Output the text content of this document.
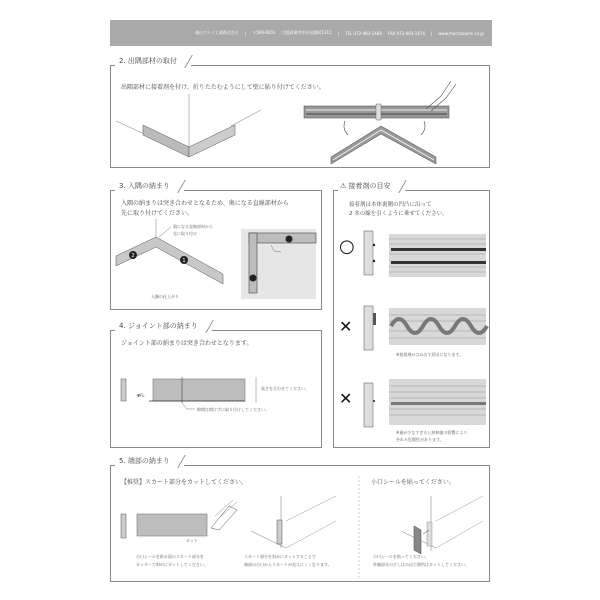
森田アルミ工業株式会社 | 〒599-8201 大阪府堺市中区田園町1311 | TEL 072-483-1488 FAX 072-483-1474 | www.moritaalumi.co.jp
2. 出隅部材の取付
出隅部材に接着剤を付け、折りたたむようにして壁に貼り付けてください。
3. 入隅の納まり
入隅の納まりは突き合わせとなるため、奥になる直線部材から
先に取り付けてください。
奥になる直線部材から
先に取り付け
入隅の仕上がり
2
1
⚠ 接着剤の目安
接着剤は本体裏側の凹凸に沿って
2 本の線を引くように乗せてください。
○
✕
✕
※接着剤がはみ出す原因になります。
※量が少なすぎると熱伸縮の影響により
外れる危険性があります。
4. ジョイント部の納まり
ジョイント部の納まりは突き合わせとなります。
▼FL
高さを合わせてください。
隙間は開けずに取り付けしてください。
5. 端部の納まり
【推奨】スカート部分をカットしてください。	小口シールを貼ってください。
カット
小口シールを貼る面のスカート部分を
カッターで斜めにカットしてください。
スカート部分を斜めにカットすることで
端部の小口からスカートが見えにくくなります。
小口シールを貼ってください。
外観部分の少しはみ出た箇所はカットしてください。
